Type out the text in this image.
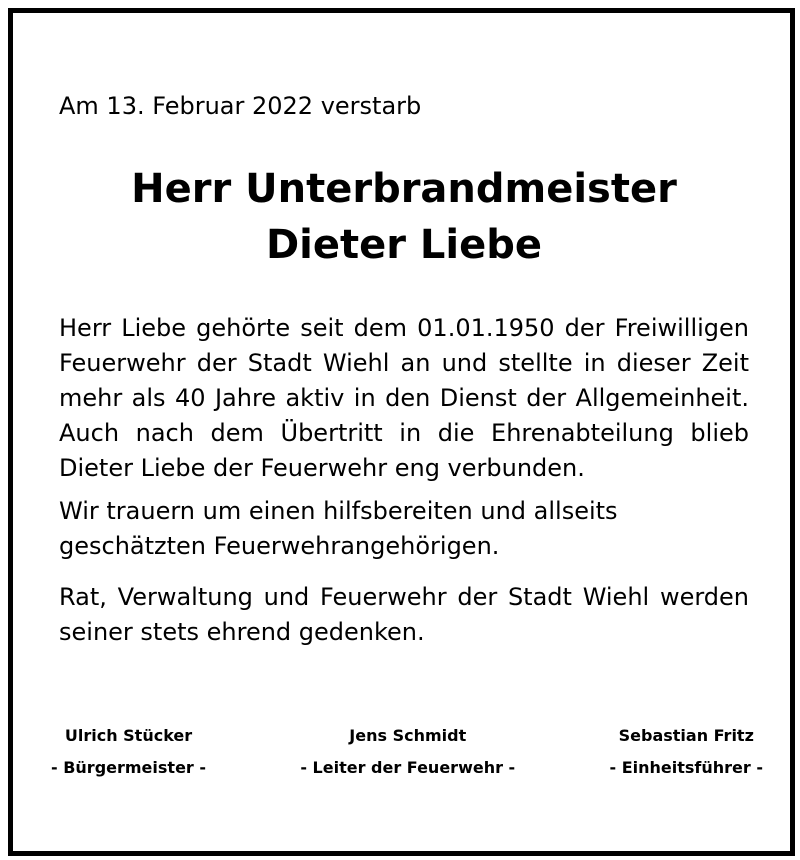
Am 13. Februar 2022 verstarb

Herr Unterbrandmeister
Dieter Liebe

Herr Liebe gehörte seit dem 01.01.1950 der Freiwilligen Feuerwehr der Stadt Wiehl an und stellte in dieser Zeit mehr als 40 Jahre aktiv in den Dienst der Allgemeinheit. Auch nach dem Übertritt in die Ehrenabteilung blieb Dieter Liebe der Feuerwehr eng verbunden.

Wir trauern um einen hilfsbereiten und allseits geschätzten Feuerwehrangehörigen.

Rat, Verwaltung und Feuerwehr der Stadt Wiehl werden seiner stets ehrend gedenken.

Ulrich Stücker
- Bürgermeister -
Jens Schmidt
- Leiter der Feuerwehr -
Sebastian Fritz
- Einheitsführer -
